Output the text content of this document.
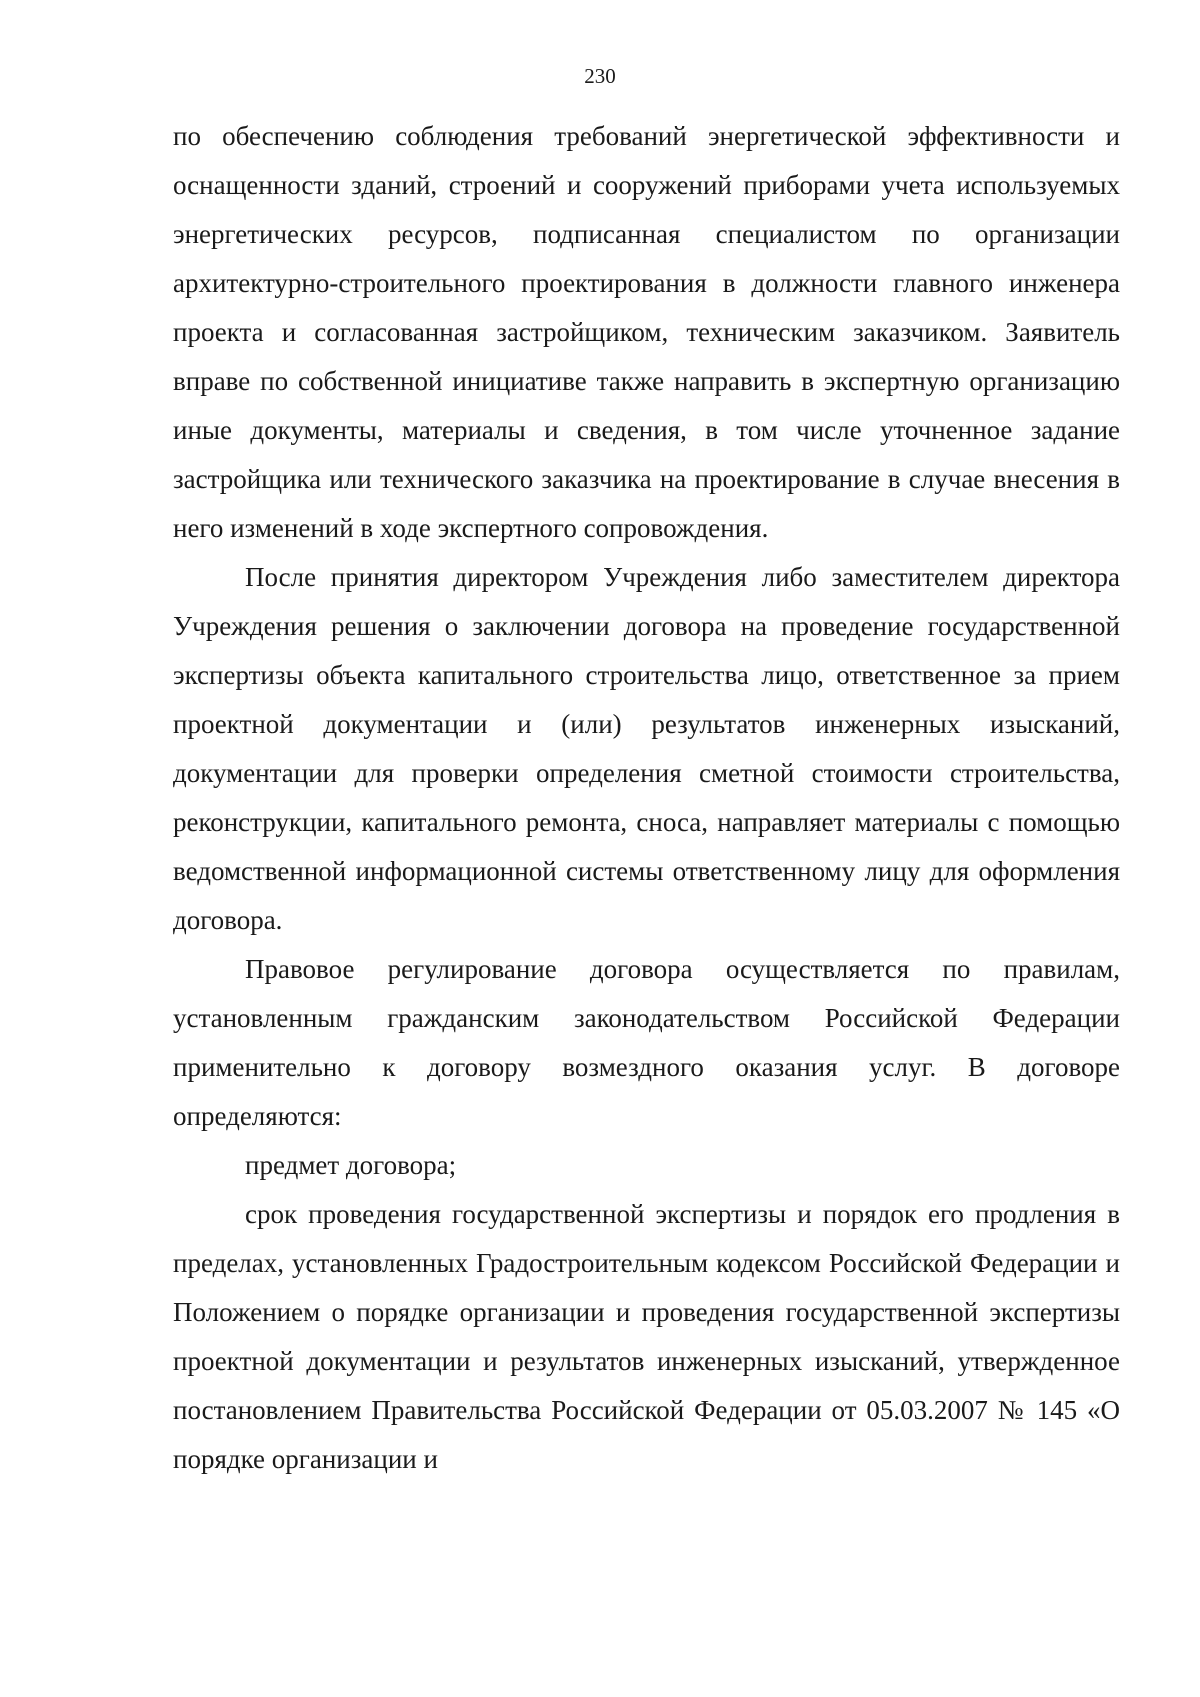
230

по обеспечению соблюдения требований энергетической эффективности и оснащенности зданий, строений и сооружений приборами учета используемых энергетических ресурсов, подписанная специалистом по организации архитектурно-строительного проектирования в должности главного инженера проекта и согласованная застройщиком, техническим заказчиком. Заявитель вправе по собственной инициативе также направить в экспертную организацию иные документы, материалы и сведения, в том числе уточненное задание застройщика или технического заказчика на проектирование в случае внесения в него изменений в ходе экспертного сопровождения.

После принятия директором Учреждения либо заместителем директора Учреждения решения о заключении договора на проведение государственной экспертизы объекта капитального строительства лицо, ответственное за прием проектной документации и (или) результатов инженерных изысканий, документации для проверки определения сметной стоимости строительства, реконструкции, капитального ремонта, сноса, направляет материалы с помощью ведомственной информационной системы ответственному лицу для оформления договора.

Правовое регулирование договора осуществляется по правилам, установленным гражданским законодательством Российской Федерации применительно к договору возмездного оказания услуг. В договоре определяются:

предмет договора;

срок проведения государственной экспертизы и порядок его продления в пределах, установленных Градостроительным кодексом Российской Федерации и Положением о порядке организации и проведения государственной экспертизы проектной документации и результатов инженерных изысканий, утвержденное постановлением Правительства Российской Федерации от 05.03.2007 № 145 «О порядке организации и
